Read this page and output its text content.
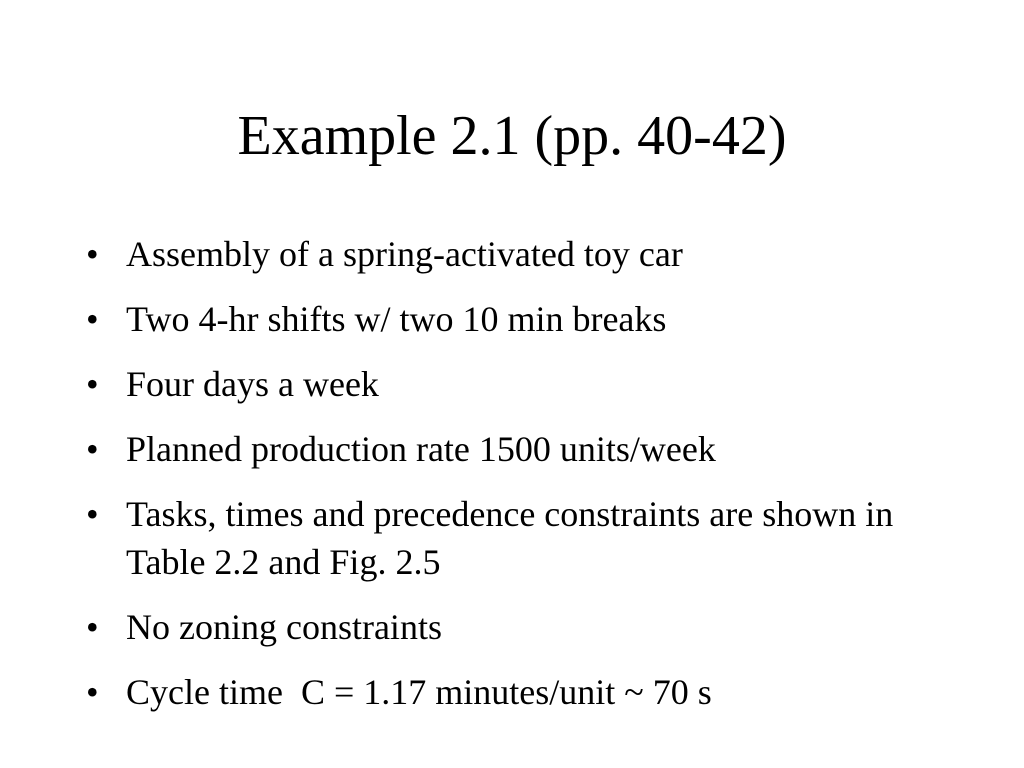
Example 2.1 (pp. 40-42)
• Assembly of a spring-activated toy car
• Two 4-hr shifts w/ two 10 min breaks
• Four days a week
• Planned production rate 1500 units/week
• Tasks, times and precedence constraints are shown in Table 2.2 and Fig. 2.5
• No zoning constraints
• Cycle time  C = 1.17 minutes/unit ~ 70 s
